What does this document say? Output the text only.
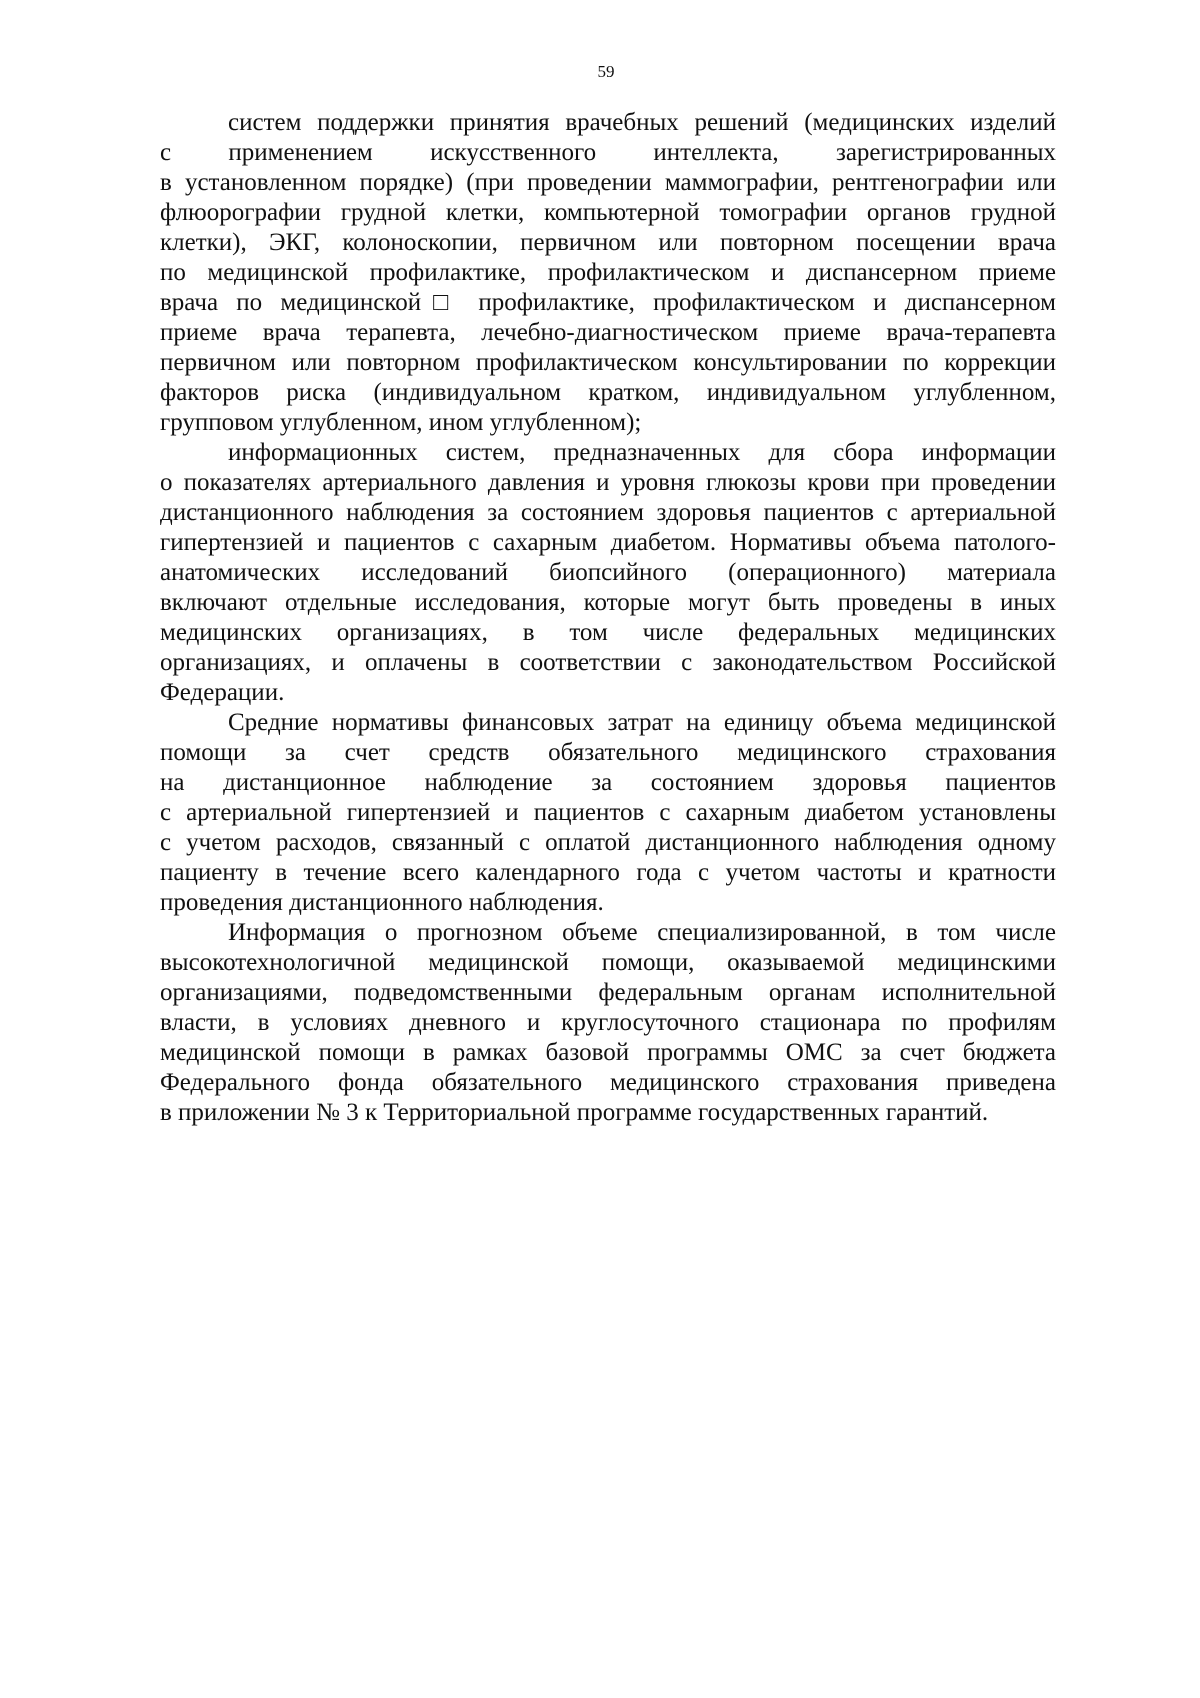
59
систем поддержки принятия врачебных решений (медицинских изделий
с применением искусственного интеллекта, зарегистрированных
в установленном порядке) (при проведении маммографии, рентгенографии или
флюорографии грудной клетки, компьютерной томографии органов грудной
клетки), ЭКГ, колоноскопии, первичном или повторном посещении врача
по медицинской профилактике, профилактическом и диспансерном приеме
врача по медицинской□ профилактике, профилактическом и диспансерном
приеме врача терапевта, лечебно-диагностическом приеме врача-терапевта
первичном или повторном профилактическом консультировании по коррекции
факторов риска (индивидуальном кратком, индивидуальном углубленном,
групповом углубленном, ином углубленном);
информационных систем, предназначенных для сбора информации
о показателях артериального давления и уровня глюкозы крови при проведении
дистанционного наблюдения за состоянием здоровья пациентов с артериальной
гипертензией и пациентов с сахарным диабетом. Нормативы объема патолого-
анатомических исследований биопсийного (операционного) материала
включают отдельные исследования, которые могут быть проведены в иных
медицинских организациях, в том числе федеральных медицинских
организациях, и оплачены в соответствии с законодательством Российской
Федерации.
Средние нормативы финансовых затрат на единицу объема медицинской
помощи за счет средств обязательного медицинского страхования
на дистанционное наблюдение за состоянием здоровья пациентов
с артериальной гипертензией и пациентов с сахарным диабетом установлены
с учетом расходов, связанный с оплатой дистанционного наблюдения одному
пациенту в течение всего календарного года с учетом частоты и кратности
проведения дистанционного наблюдения.
Информация о прогнозном объеме специализированной, в том числе
высокотехнологичной медицинской помощи, оказываемой медицинскими
организациями, подведомственными федеральным органам исполнительной
власти, в условиях дневного и круглосуточного стационара по профилям
медицинской помощи в рамках базовой программы ОМС за счет бюджета
Федерального фонда обязательного медицинского страхования приведена
в приложении № 3 к Территориальной программе государственных гарантий.
